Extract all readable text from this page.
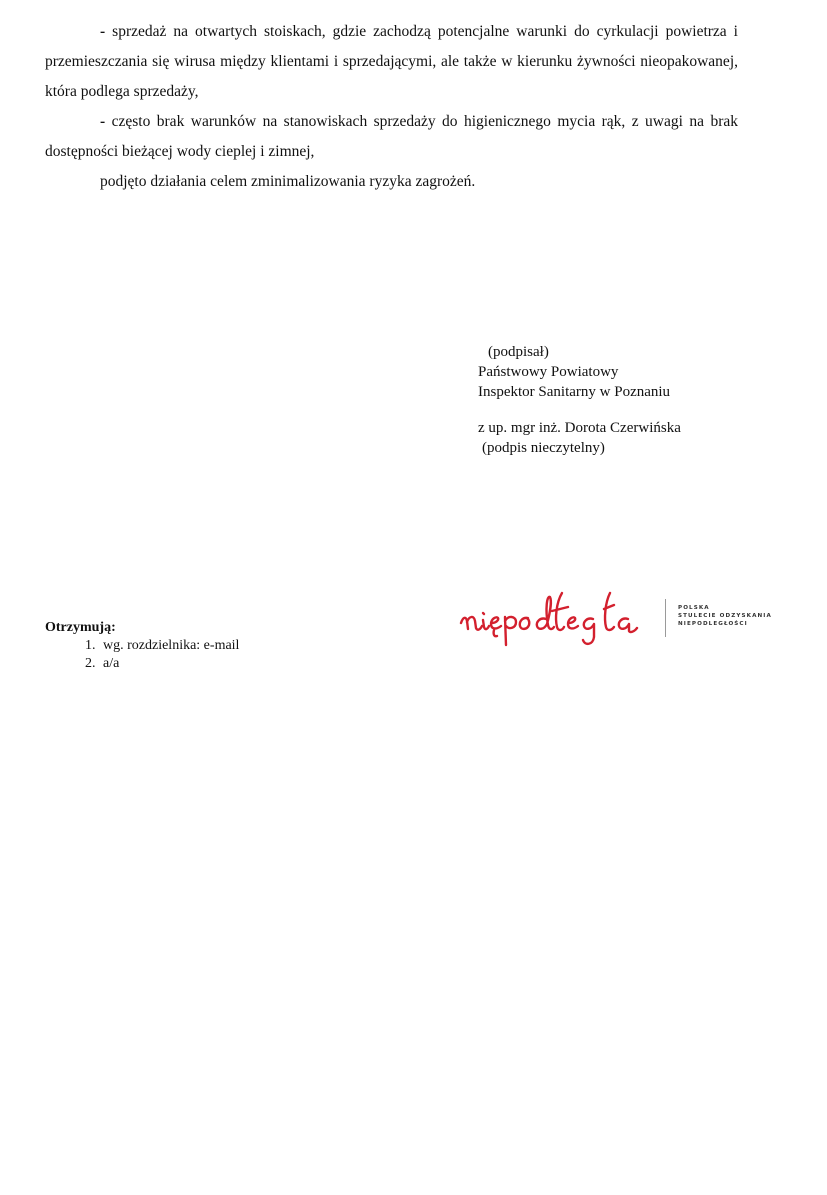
- sprzedaż na otwartych stoiskach, gdzie zachodzą potencjalne warunki do cyrkulacji powietrza i przemieszczania się wirusa między klientami i sprzedającymi, ale także w kierunku żywności nieopakowanej, która podlega sprzedaży,

- często brak warunków na stanowiskach sprzedaży do higienicznego mycia rąk, z uwagi na brak dostępności bieżącej wody cieplej i zimnej,

podjęto działania celem zminimalizowania ryzyka zagrożeń.

(podpisał)
Państwowy Powiatowy
Inspektor Sanitarny w Poznaniu
z up. mgr inż. Dorota Czerwińska
(podpis nieczytelny)
Otrzymują:
1. wg. rozdzielnika: e-mail
2. a/a
POLSKA
STULECIE ODZYSKANIA
NIEPODLEGŁOŚCI
